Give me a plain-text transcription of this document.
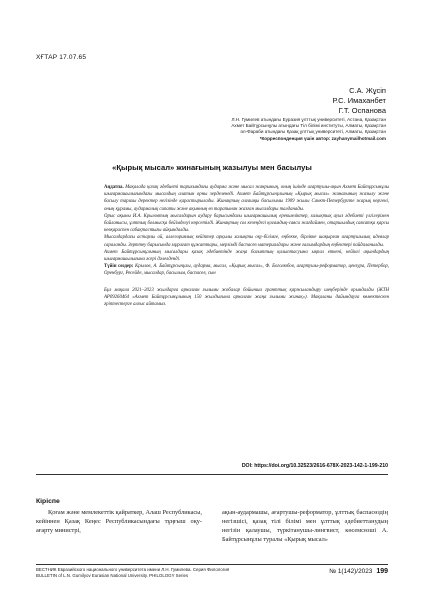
ХҒТАР 17.07.65
С.А. Жұсіп
Р.С. Имаханбет
Г.Т. Оспанова
Л.Н. Гумилев атындағы Еуразия ұлттық университеті, Астана, Қазақстан
Ахмет Байтұрсынұлы атындағы Тіл білімі институты, Алматы, Қазақстан
әл-Фараби атындағы Қазақ ұлттық университеті, Алматы, Қазақстан
*Корреспонденция үшін автор: zayhanymailhotmail.com
«Қырық мысал» жинағының жазылуы мен басылуы

Аңдатпа. Мақалада қазақ әдебиеті тарихындағы аударма және мысал жанрының, оның ішінде ағартушы-ақын Ахмет Байтұрсынұлы шығармашылығындағы мысалдың алатын орны зерделенеді. Ахмет Байтұрсынұлының «Қырық мысал» жинағының жазылу және басылу тарихы деректер негізінде қарастырылады. Жинақтың алғашқы басылымы 1909 жылы Санкт-Петербургте жарық көргені, оның құрамы, аудармалық сипаты және ақынның өз тарапынан жазған мысалдары талданады.

Орыс ақыны И.А. Крыловтың мысалдарын аудару барысындағы шығармашылық ерекшеліктер, халықтық ауыз әдебиеті үлгілерімен байланысы, ұлттық болмысқа бейімделуі көрсетілді. Жинақтың сол кезеңдегі қоғамдық-саяси жағдаймен, отаршылдық саясатқа қарсы көзқараспен сабақтастығы айқындалды.

Мысалдардағы астарлы ой, аллегориялық кейіптер арқылы халықты оқу-білімге, еңбекке, бірлікке шақырған ағартушылық идеялар сараланды. Зерттеу барысында мұрағат құжаттары, мерзімді баспасөз материалдары және ғалымдардың еңбектері пайдаланылды.

Ахмет Байтұрсынұлының мысалдары қазақ әдебиетінде жаңа бағыттың қалыптасуына ықпал еткені, кейінгі ақындардың шығармашылығына әсері дәлелденді.

Түйін сөздер: Крылов, А. Байтұрсынұлы, аударма, мысал, «Қырық мысал», Ф. Боголюбов, ағартушы-реформатор, цензура, Петербор, Оренбург, Ресейде, мысалдар, басылым, баспасөз, сын

Бұл мақала 2021–2023 жылдарға арналған ғылыми жобалар бойынша гранттық қаржыландыру шеңберінде орындалды (ЖТН AP09260464 «Ахмет Байтұрсынұлының 150 жылдығына арналған жаңа ғылыми жинақ»). Мақаланы дайындауға көмектескен әріптестерге алғыс айтамыз.

DOI: https://doi.org/10.32523/2616-678X-2023-142-1-199-210
Кіріспе

Қоғам және мемлекеттік қайраткер, Алаш Республикасы, кейіннен Қазақ Кеңес Республикасындағы тұңғыш оқу-ағарту министрі,

ақын-аудармашы, ағартушы-реформатор, ұлттық баспасөздің негізшісі, қазақ тілі білімі мен ұлттық әдебиеттанудың негізін қалаушы, түркітанушы-лингвист, көсемсөзші А. Байтұрсынұлы туралы «Қырық мысал»

ВЕСТНИК Евразийского национального университета имени Л.Н. Гумилева. Серия Филология
BULLETIN of L.N. Gumilyov Eurasian National University. PHILOLOGY Series
№ 1(142)/2023 199
